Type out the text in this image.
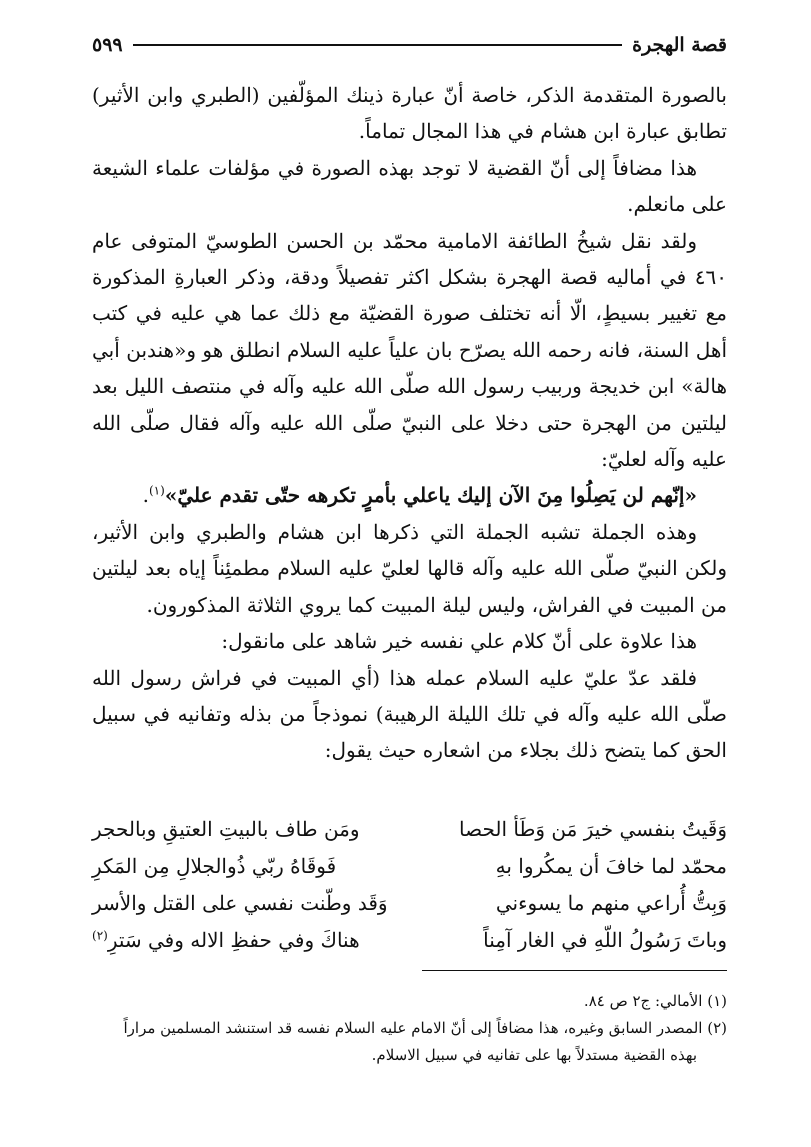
قصة الهجرة
٥٩٩

بالصورة المتقدمة الذكر، خاصة أنّ عبارة ذينك المؤلّفين (الطبري وابن الأثير) تطابق عبارة ابن هشام في هذا المجال تماماً.

هذا مضافاً إلى أنّ القضية لا توجد بهذه الصورة في مؤلفات علماء الشيعة على مانعلم.

ولقد نقل شيخُ الطائفة الامامية محمّد بن الحسن الطوسيّ المتوفى عام ٤٦٠ في أماليه قصة الهجرة بشكل اكثر تفصيلاً ودقة، وذكر العبارةِ المذكورة مع تغيير بسيطٍ، الّا أنه تختلف صورة القضيّة مع ذلك عما هي عليه في كتب أهل السنة، فانه رحمه الله يصرّح بان علياً عليه السلام انطلق هو و«هندبن أبي هالة» ابن خديجة وربيب رسول الله صلّى الله عليه وآله في منتصف الليل بعد ليلتين من الهجرة حتى دخلا على النبيّ صلّى الله عليه وآله فقال صلّى الله عليه وآله لعليّ:

«إنّهم لن يَصِلُوا مِنَ الآن إليك ياعلي بأمرٍ تكرهه حتّى تقدم عليّ»$^{(١)}$.

وهذه الجملة تشبه الجملة التي ذكرها ابن هشام والطبري وابن الأثير، ولكن النبيّ صلّى الله عليه وآله قالها لعليّ عليه السلام مطمئِناً إياه بعد ليلتين من المبيت في الفراش، وليس ليلة المبيت كما يروي الثلاثة المذكورون.

هذا علاوة على أنّ كلام علي نفسه خير شاهد على مانقول:

فلقد عدّ عليّ عليه السلام عمله هذا (أي المبيت في فراش رسول الله صلّى الله عليه وآله في تلك الليلة الرهيبة) نموذجاً من بذله وتفانيه في سبيل الحق كما يتضح ذلك بجلاء من اشعاره حيث يقول:

وَقَيتُ بنفسي خيرَ مَن وَطَأ الحصا
ومَن طاف بالبيتِ العتيقِ وبالحجر
محمّد لما خافَ أن يمكُروا بهِ
فَوقَاهُ ربّي ذُوالجلالِ مِن المَكرِ
وَبِتُّ أُراعي منهم ما يسوءني
وَقَد وطّنت نفسي على القتل والأسر
وباتَ رَسُولُ اللّهِ في الغار آمِناً
هناكَ وفي حفظِ الاله وفي سَترِ$^{(٢)}$

(١) الأمالي: ج٢ ص ٨٤.

(٢) المصدر السابق وغيره، هذا مضافاً إلى أنّ الامام عليه السلام نفسه قد استنشد المسلمين مراراً

بهذه القضية مستدلاً بها على تفانيه في سبيل الاسلام.
